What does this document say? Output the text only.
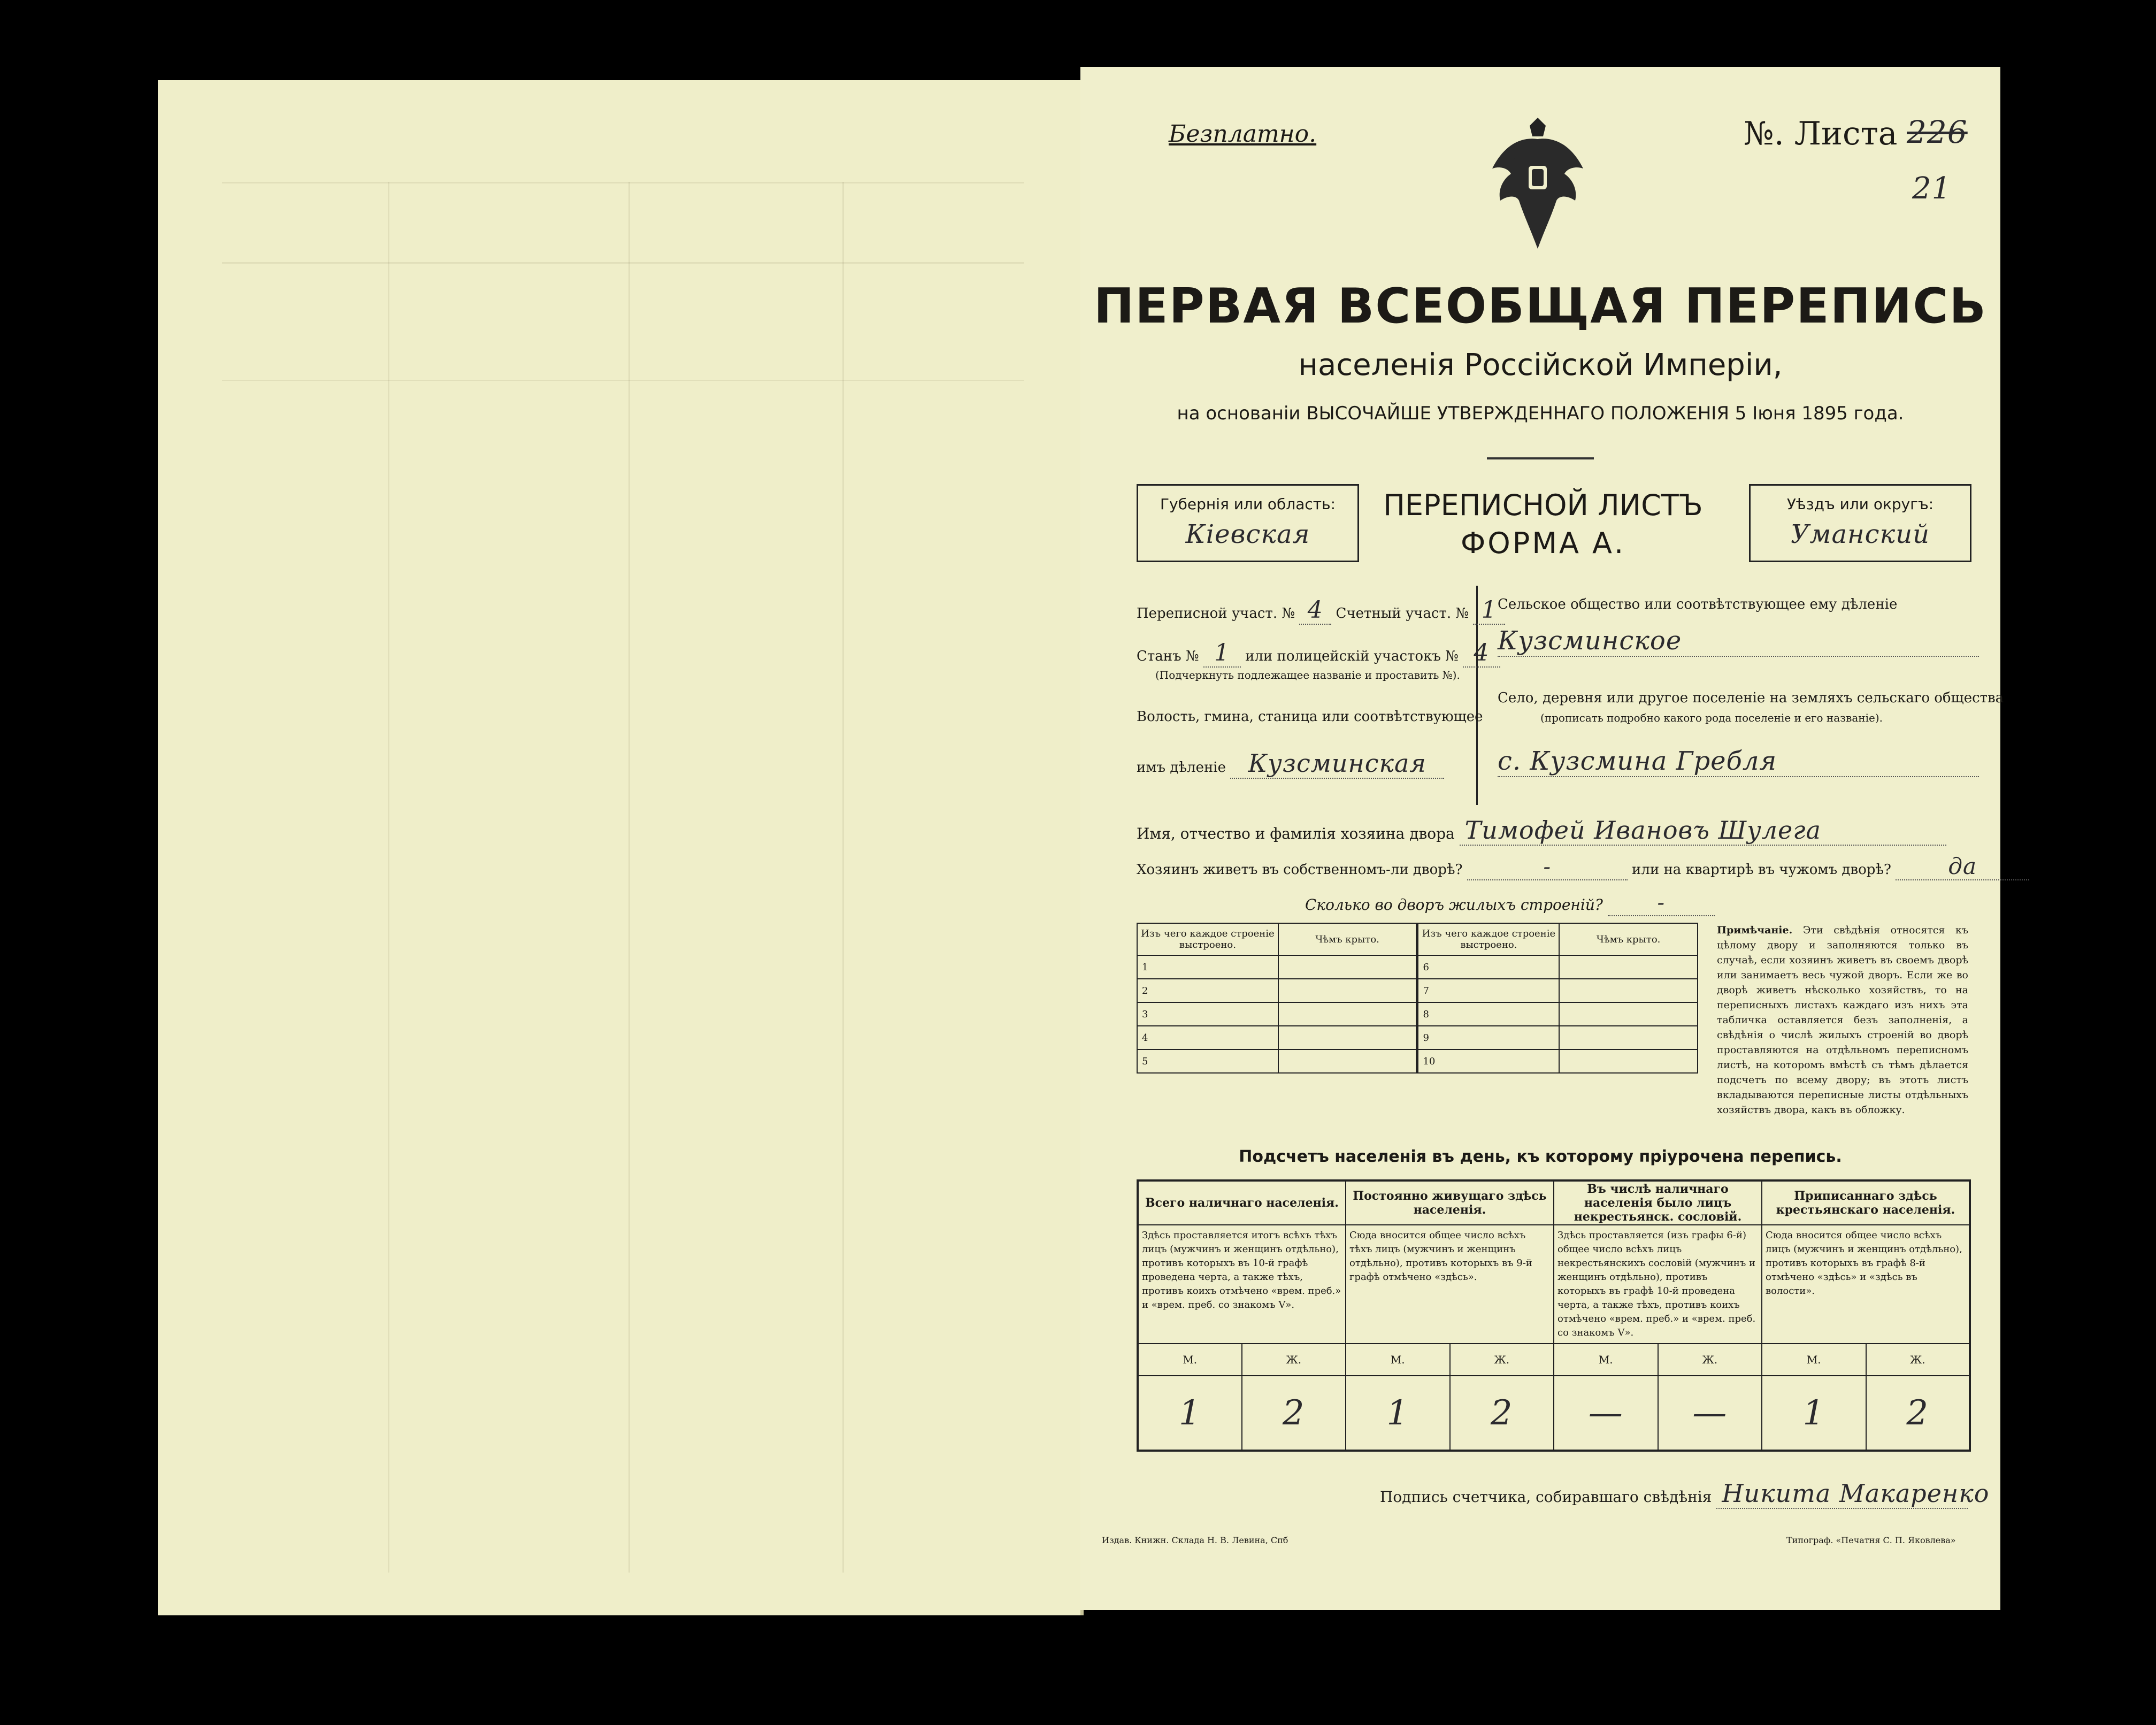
Безплатно.	№. Листа 226
21
ПЕРВАЯ ВСЕОБЩАЯ ПЕРЕПИСЬ
населенія Россійской Имперіи,
на основаніи ВЫСОЧАЙШЕ УТВЕРЖДЕННАГО ПОЛОЖЕНІЯ 5 Іюня 1895 года.
Губернія или область:
Кіевская
ПЕРЕПИСНОЙ ЛИСТЪ
ФОРМА А.
Уѣздъ или округъ:
Уманский
Переписной участ. № 4 Счетный участ. № 1
Станъ № 1 или полицейскій участокъ № 4
(Подчеркнуть подлежащее названіе и проставить №).
Волость, гмина, станица или соотвѣтствующее
имъ дѣленіе Кузсминская
Сельское общество или соотвѣтствующее ему дѣленіе
Кузсминское
Село, деревня или другое поселеніе на земляхъ сельскаго общества
(прописать подробно какого рода поселеніе и его названіе).
с. Кузсмина Гребля
Имя, отчество и фамилія хозяина двора Тимофей Ивановъ Шулега
Хозяинъ живетъ въ собственномъ-ли дворѣ?	-	или на квартирѣ въ чужомъ дворѣ?	да
Сколько во дворъ жилыхъ строеній?	-
Изъ чего каждое строеніе выстроено.	Чѣмъ крыто.	Изъ чего каждое строеніе выстроено.	Чѣмъ крыто.
1		6	
2		7	
3		8	
4		9	
5		10	
Примѣчаніе. Эти свѣдѣнія относятся къ цѣлому двору и заполняются только въ случаѣ, если хозяинъ живетъ въ своемъ дворѣ или занимаетъ весь чужой дворъ. Если же во дворѣ живетъ нѣсколько хозяйствъ, то на переписныхъ листахъ каждаго изъ нихъ эта табличка оставляется безъ заполненія, а свѣдѣнія о числѣ жилыхъ строеній во дворѣ проставляются на отдѣльномъ переписномъ листѣ, на которомъ вмѣстѣ съ тѣмъ дѣлается подсчетъ по всему двору; въ этотъ листъ вкладываются переписные листы отдѣльныхъ хозяйствъ двора, какъ въ обложку.
Подсчетъ населенія въ день, къ которому пріурочена перепись.
Всего наличнаго населенія.		Постоянно живущаго здѣсь населенія.		Въ числѣ наличнаго населенія было лицъ некрестьянск. сословій.		Приписаннаго здѣсь крестьянскаго населенія.	
Здѣсь проставляется итогъ всѣхъ тѣхъ лицъ (мужчинъ и женщинъ отдѣльно), противъ которыхъ въ 10-й графѣ проведена черта, а также тѣхъ, противъ коихъ отмѣчено «врем. преб.» и «врем. преб. со знакомъ V».		Сюда вносится общее число всѣхъ тѣхъ лицъ (мужчинъ и женщинъ отдѣльно), противъ которыхъ въ 9-й графѣ отмѣчено «здѣсь».		Здѣсь проставляется (изъ графы 6-й) общее число всѣхъ лицъ некрестьянскихъ сословій (мужчинъ и женщинъ отдѣльно), противъ которыхъ въ графѣ 10-й проведена черта, а также тѣхъ, противъ коихъ отмѣчено «врем. преб.» и «врем. преб. со знакомъ V».		Сюда вносится общее число всѣхъ лицъ (мужчинъ и женщинъ отдѣльно), противъ которыхъ въ графѣ 8-й отмѣчено «здѣсь» и «здѣсь въ волости».	
М.	Ж.	М.	Ж.	М.	Ж.	М.	Ж.
1	2	1	2	—	—	1	2
Подпись счетчика, собиравшаго свѣдѣнія Никита Макаренко
Издав. Книжн. Склада Н. В. Левина, Спб	Типограф. «Печатня С. П. Яковлева»
